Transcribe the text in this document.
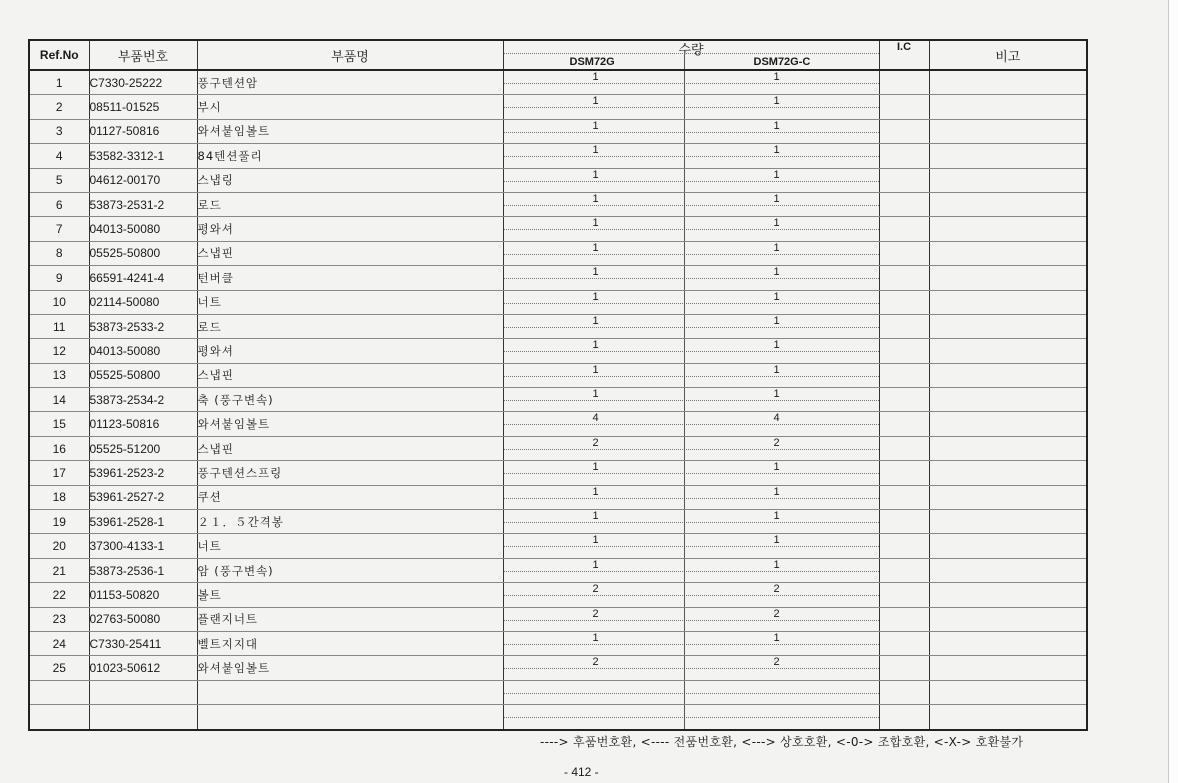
Ref.No	부품번호	부품명	수량
DSM72G DSM72G-C	I.C	비고
1	C7330-25222	풍구텐션암	1 1		

2	08511-01525	부시	1 1		

3	01127-50816	와셔붙임볼트	1 1		

4	53582-3312-1	84텐션풀리	1 1		

5	04612-00170	스냅링	1 1		

6	53873-2531-2	로드	1 1		

7	04013-50080	평와셔	1 1		

8	05525-50800	스냅핀	1 1		

9	66591-4241-4	턴버클	1 1		

10	02114-50080	너트	1 1		

11	53873-2533-2	로드	1 1		

12	04013-50080	평와셔	1 1		

13	05525-50800	스냅핀	1 1		

14	53873-2534-2	축 (풍구변속)	1 1		

15	01123-50816	와셔붙임볼트	4 4		

16	05525-51200	스냅핀	2 2		

17	53961-2523-2	풍구텐션스프링	1 1		

18	53961-2527-2	쿠션	1 1		

19	53961-2528-1	２１．５간격봉	1 1		

20	37300-4133-1	너트	1 1		

21	53873-2536-1	암 (풍구변속)	1 1		

22	01153-50820	볼트	2 2		

23	02763-50080	플랜지너트	2 2		

24	C7330-25411	벨트지지대	1 1		

25	01023-50612	와셔붙임볼트	2 2		

----> 후품번호환, <---- 전품번호환, <---> 상호호환, <-0-> 조합호환, <-X-> 호환불가
- 412 -
